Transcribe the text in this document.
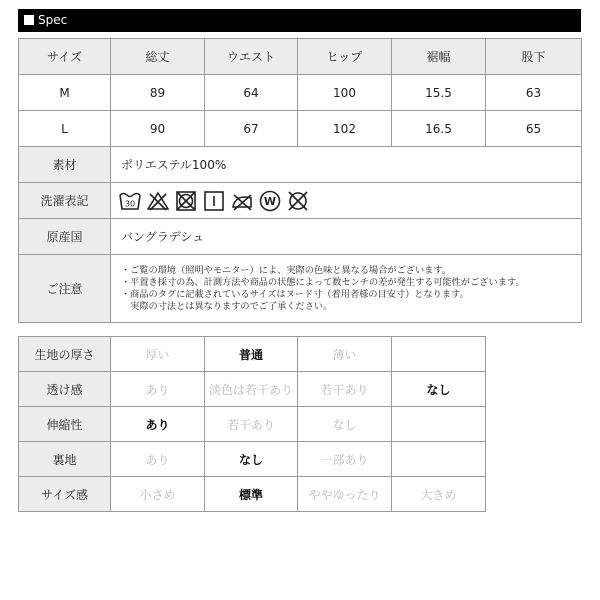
Spec
サイズ	総丈	ウエスト	ヒップ	裾幅	股下
M	89	64	100	15.5	63
L	90	67	102	16.5	65
素材	ポリエステル100%				
洗濯表記	30 W				

原産国	バングラデシュ				
ご注意	・ご覧の環境（照明やモニター）によ、実際の色味と異なる場合がございます。
・平置き採寸の為、計測方法や商品の状態によって数センチの差が発生する可能性がございます。
・商品のタグに記載されているサイズはヌード寸（着用者様の目安寸）となります。
　実際の寸法とは異なりますのでご了承ください。				
生地の厚さ	厚い	普通	薄い	
透け感	あり	淡色は若干あり	若干あり	なし
伸縮性	あり	若干あり	なし	
裏地	あり	なし	一部あり	
サイズ感	小さめ	標準	ややゆったり	大きめ
